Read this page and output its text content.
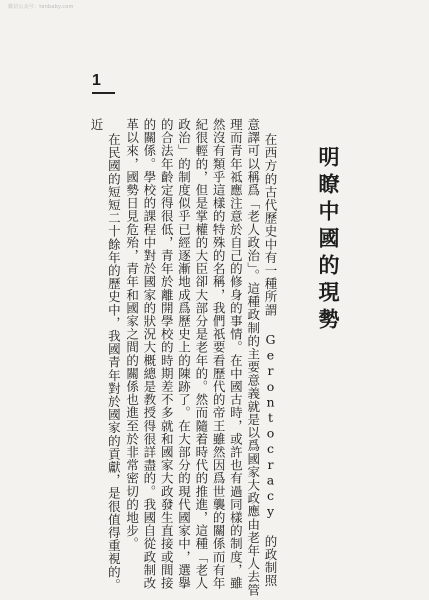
微信公众号：tenbaby.com
1
明瞭中國的現勢

在西方的古代歷史中有一種所謂 Gerontocracy 的政制照意譯可以稱爲「老人政治」。這種政制的主要意義就是以爲國家大政應由老年人去管理而青年祗應注意於自己的修身的事情。在中國古時，或許也有過同樣的制度，雖然沒有類乎這樣的特殊的名稱，我們祇要看歷代的帝王雖然因爲世襲的關係而有年紀很輕的，但是掌權的大臣卻大部分是老年的。然而隨着時代的推進，這種「老人政治」的制度似乎已經逐漸地成爲歷史上的陳跡了。在大部分的現代國家中，選擧的合法年齡定得很低，青年於離開學校的時期差不多就和國家大政發生直接或間接的關係。學校的課程中對於國家的狀況大概總是教授得很詳盡的。我國自從政制改革以來，國勢日見危殆，青年和國家之間的關係也進至於非常密切的地步。

在民國的短短二十餘年的歷史中，我國青年對於國家的貢獻，是很值得重視的。近
